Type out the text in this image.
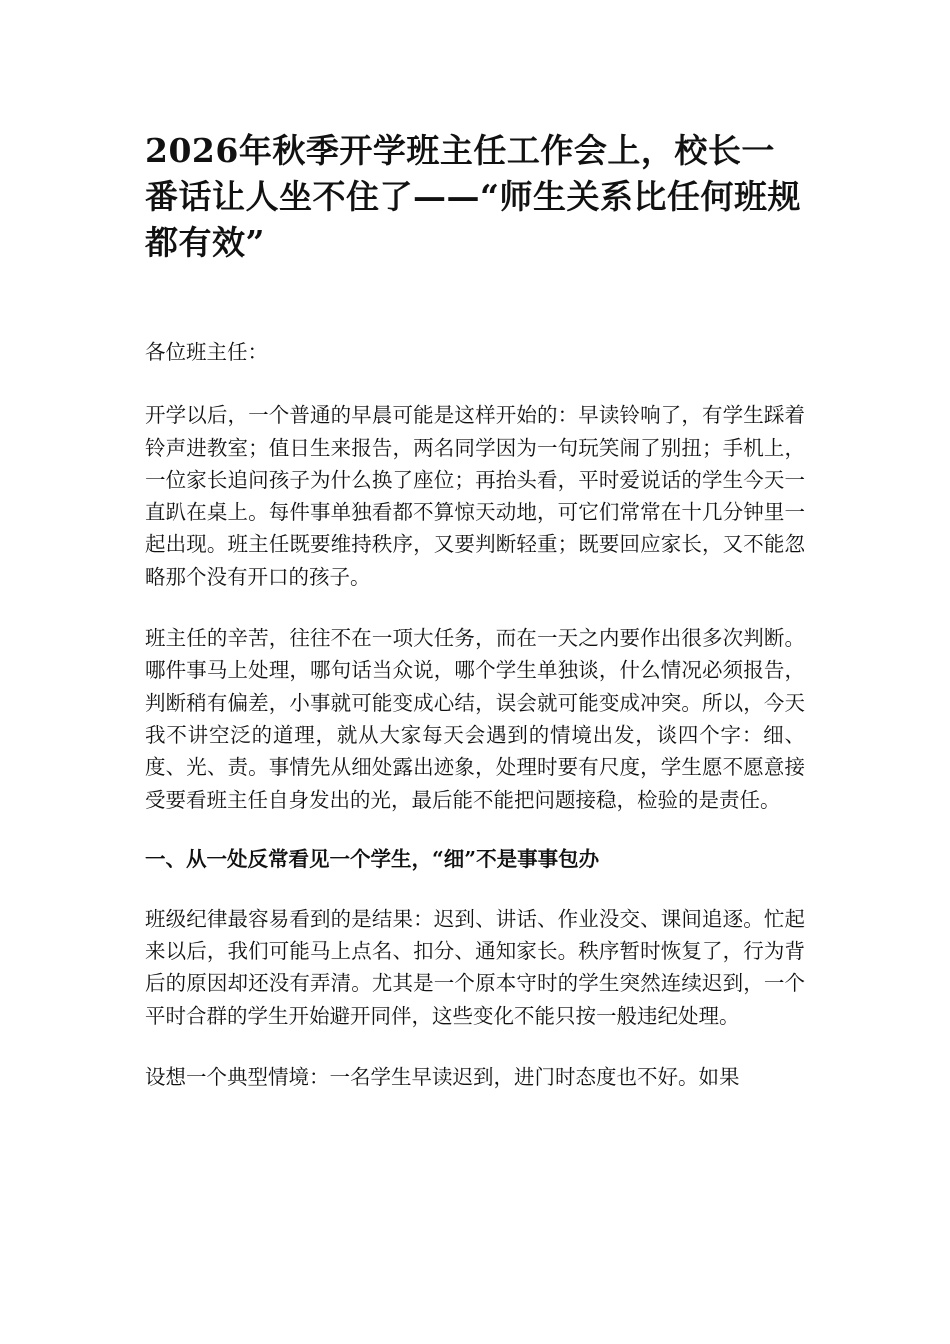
2026年秋季开学班主任工作会上，校长一番话让人坐不住了——“师生关系比任何班规都有效”

各位班主任：

开学以后，一个普通的早晨可能是这样开始的：早读铃响了，有学生踩着铃声进教室；值日生来报告，两名同学因为一句玩笑闹了别扭；手机上，一位家长追问孩子为什么换了座位；再抬头看，平时爱说话的学生今天一直趴在桌上。每件事单独看都不算惊天动地，可它们常常在十几分钟里一起出现。班主任既要维持秩序，又要判断轻重；既要回应家长，又不能忽略那个没有开口的孩子。

班主任的辛苦，往往不在一项大任务，而在一天之内要作出很多次判断。哪件事马上处理，哪句话当众说，哪个学生单独谈，什么情况必须报告，判断稍有偏差，小事就可能变成心结，误会就可能变成冲突。所以，今天我不讲空泛的道理，就从大家每天会遇到的情境出发，谈四个字：细、度、光、责。事情先从细处露出迹象，处理时要有尺度，学生愿不愿意接受要看班主任自身发出的光，最后能不能把问题接稳，检验的是责任。

一、从一处反常看见一个学生，“细”不是事事包办

班级纪律最容易看到的是结果：迟到、讲话、作业没交、课间追逐。忙起来以后，我们可能马上点名、扣分、通知家长。秩序暂时恢复了，行为背后的原因却还没有弄清。尤其是一个原本守时的学生突然连续迟到，一个平时合群的学生开始避开同伴，这些变化不能只按一般违纪处理。

设想一个典型情境：一名学生早读迟到，进门时态度也不好。如果
